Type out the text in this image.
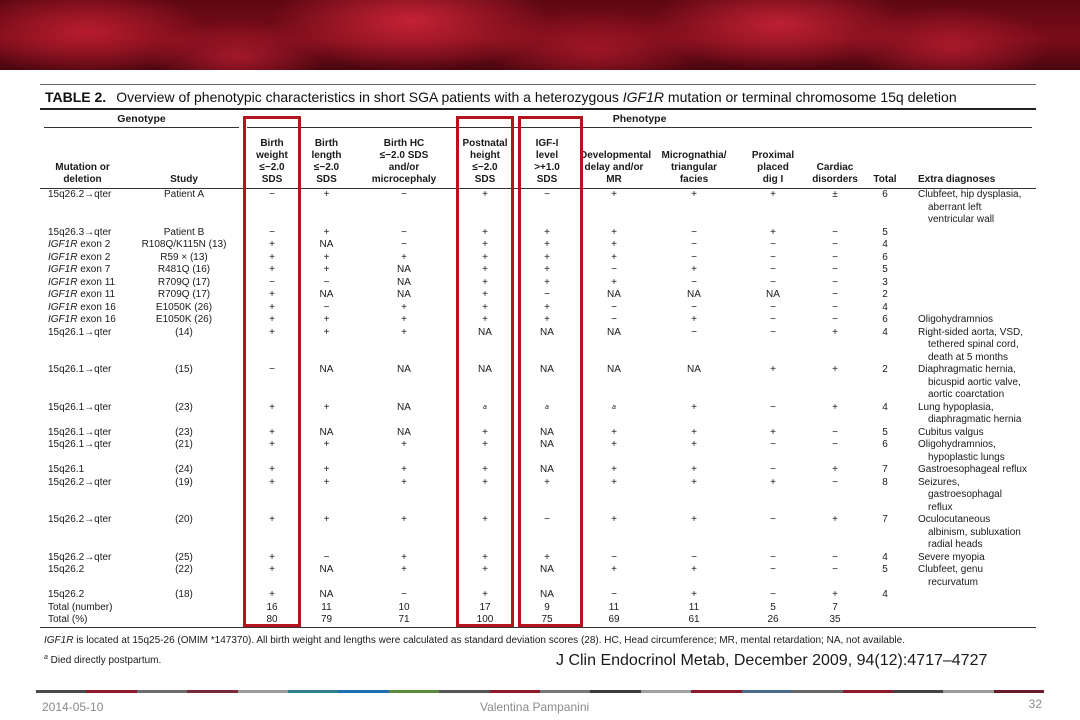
TABLE 2. Overview of phenotypic characteristics in short SGA patients with a heterozygous IGF1R mutation or terminal chromosome 15q deletion
Genotype		Phenotype										

Mutation or
deletion	Study	Birth
weight
≤−2.0
SDS	Birth
length
≤−2.0
SDS	Birth HC
≤−2.0 SDS
and/or
microcephaly	Postnatal
height
≤−2.0
SDS	IGF-I
level
>+1.0
SDS	Developmental
delay and/or
MR	Micrognathia/
triangular
facies	Proximal
placed
dig I	Cardiac
disorders	Total	Extra diagnoses
15q26.2→qter	Patient A	−	+	−	+	−	+	+	+	±	6	Clubfeet, hip dysplasia,
aberrant left
ventricular wall
15q26.3→qter	Patient B	−	+	−	+	+	+	−	+	−	5	
IGF1R exon 2	R108Q/K115N (13)	+	NA	−	+	+	+	−	−	−	4	
IGF1R exon 2	R59 × (13)	+	+	+	+	+	+	−	−	−	6	
IGF1R exon 7	R481Q (16)	+	+	NA	+	+	−	+	−	−	5	
IGF1R exon 11	R709Q (17)	−	−	NA	+	+	+	−	−	−	3	
IGF1R exon 11	R709Q (17)	+	NA	NA	+	−	NA	NA	NA	−	2	
IGF1R exon 16	E1050K (26)	+	−	+	+	+	−	−	−	−	4	
IGF1R exon 16	E1050K (26)	+	+	+	+	+	−	+	−	−	6	Oligohydramnios
15q26.1→qter	(14)	+	+	+	NA	NA	NA	−	−	+	4	Right-sided aorta, VSD,
tethered spinal cord,
death at 5 months
15q26.1→qter	(15)	−	NA	NA	NA	NA	NA	NA	+	+	2	Diaphragmatic hernia,
bicuspid aortic valve,
aortic coarctation
15q26.1→qter	(23)	+	+	NA	$^a$	$^a$	$^a$	+	−	+	4	Lung hypoplasia,
diaphragmatic hernia
15q26.1→qter	(23)	+	NA	NA	+	NA	+	+	+	−	5	Cubitus valgus
15q26.1→qter	(21)	+	+	+	+	NA	+	+	−	−	6	Oligohydramnios,
hypoplastic lungs
15q26.1	(24)	+	+	+	+	NA	+	+	−	+	7	Gastroesophageal reflux
15q26.2→qter	(19)	+	+	+	+	+	+	+	+	−	8	Seizures,
gastroesophagal
reflux
15q26.2→qter	(20)	+	+	+	+	−	+	+	−	+	7	Oculocutaneous
albinism, subluxation
radial heads
15q26.2→qter	(25)	+	−	+	+	+	−	−	−	−	4	Severe myopia
15q26.2	(22)	+	NA	+	+	NA	+	+	−	−	5	Clubfeet, genu
recurvatum
15q26.2	(18)	+	NA	−	+	NA	−	+	−	+	4	
Total (number)		16	11	10	17	9	11	11	5	7		
Total (%)		80	79	71	100	75	69	61	26	35		
IGF1R is located at 15q25-26 (OMIM *147370). All birth weight and lengths were calculated as standard deviation scores (28). HC, Head circumference; MR, mental retardation; NA, not available.
$^a$ Died directly postpartum.	J Clin Endocrinol Metab, December 2009, 94(12):4717–4727
2014-05-10	Valentina Pampanini	32
